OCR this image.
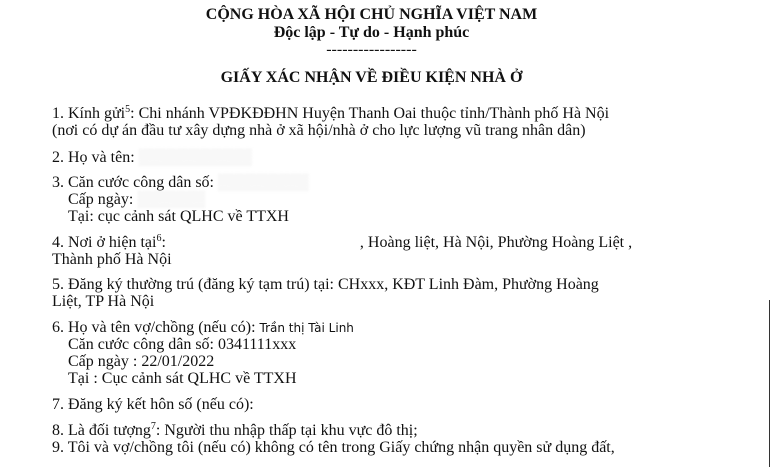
CỘNG HÒA XÃ HỘI CHỦ NGHĨA VIỆT NAM
Độc lập - Tự do - Hạnh phúc
-----------------
GIẤY XÁC NHẬN VỀ ĐIỀU KIỆN NHÀ Ở
1. Kính gửi$^5$: Chi nhánh VPĐKĐĐHN Huyện Thanh Oai thuộc tỉnh/Thành phố Hà Nội
(nơi có dự án đầu tư xây dựng nhà ở xã hội/nhà ở cho lực lượng vũ trang nhân dân)
2. Họ và tên: ▒▒▒▒▒▒▒▒▒▒
3. Căn cước công dân số: ▒▒▒▒▒▒▒▒
Cấp ngày: ▒▒▒▒▒▒
Tại: cục cảnh sát QLHC về TTXH
4. Nơi ở hiện tại$^6$:	, Hoàng liệt, Hà Nội, Phường Hoàng Liệt ,
Thành phố Hà Nội
5. Đăng ký thường trú (đăng ký tạm trú) tại: CHxxx, KĐT Linh Đàm, Phường Hoàng
Liệt, TP Hà Nội
6. Họ và tên vợ/chồng (nếu có): Trần thị Tài Linh
Căn cước công dân số: 0341111xxx
Cấp ngày : 22/01/2022
Tại : Cục cảnh sát QLHC về TTXH
7. Đăng ký kết hôn số (nếu có):
8. Là đối tượng$^7$: Người thu nhập thấp tại khu vực đô thị;
9. Tôi và vợ/chồng tôi (nếu có) không có tên trong Giấy chứng nhận quyền sử dụng đất,
